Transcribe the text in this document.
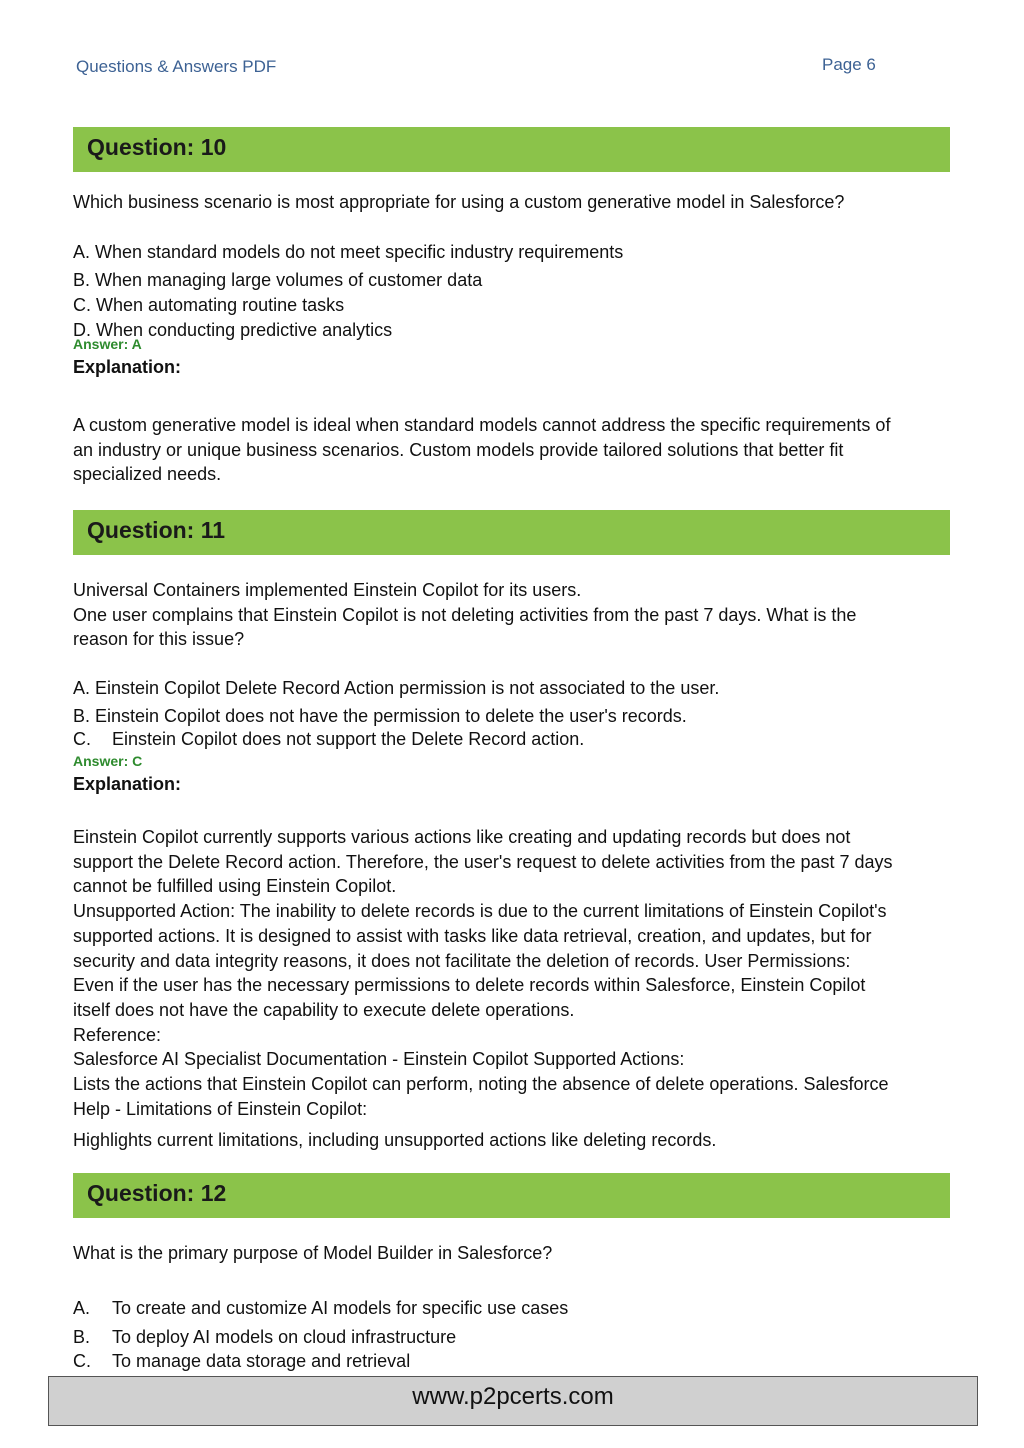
Questions & Answers PDF	Page 6
Question: 10
Which business scenario is most appropriate for using a custom generative model in Salesforce?
A. When standard models do not meet specific industry requirements
B. When managing large volumes of customer data
C. When automating routine tasks
D. When conducting predictive analytics
Answer: A
Explanation:
A custom generative model is ideal when standard models cannot address the specific requirements of
an industry or unique business scenarios. Custom models provide tailored solutions that better fit
specialized needs.
Question: 11
Universal Containers implemented Einstein Copilot for its users.
One user complains that Einstein Copilot is not deleting activities from the past 7 days. What is the
reason for this issue?
A. Einstein Copilot Delete Record Action permission is not associated to the user.
B. Einstein Copilot does not have the permission to delete the user's records.
C. Einstein Copilot does not support the Delete Record action.
Answer: C
Explanation:
Einstein Copilot currently supports various actions like creating and updating records but does not
support the Delete Record action. Therefore, the user's request to delete activities from the past 7 days
cannot be fulfilled using Einstein Copilot.
Unsupported Action: The inability to delete records is due to the current limitations of Einstein Copilot's
supported actions. It is designed to assist with tasks like data retrieval, creation, and updates, but for
security and data integrity reasons, it does not facilitate the deletion of records. User Permissions:
Even if the user has the necessary permissions to delete records within Salesforce, Einstein Copilot
itself does not have the capability to execute delete operations.
Reference:
Salesforce AI Specialist Documentation - Einstein Copilot Supported Actions:
Lists the actions that Einstein Copilot can perform, noting the absence of delete operations. Salesforce
Help - Limitations of Einstein Copilot:
Highlights current limitations, including unsupported actions like deleting records.
Question: 12
What is the primary purpose of Model Builder in Salesforce?
A. To create and customize AI models for specific use cases
B. To deploy AI models on cloud infrastructure
C. To manage data storage and retrieval
www.p2pcerts.com
